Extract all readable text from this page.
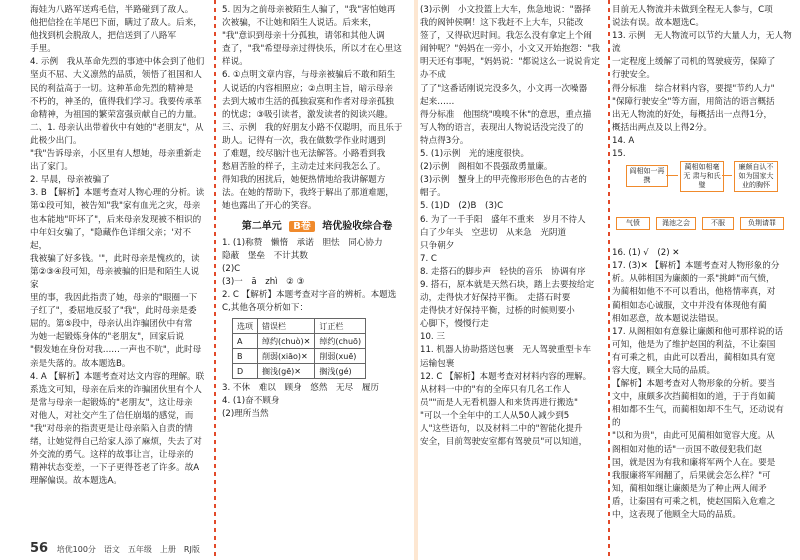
海娃为八路军送鸡毛信，半路碰到了敌人。

他把信拴在羊尾巴下面，瞒过了敌人。后来，

他找到机会脱敌人，把信送到了八路军

手里。

4. 示例　我从革命先烈的事迹中体会到了他们

坚贞不屈、大义凛然的品质，领悟了祖国和人

民的利益高于一切。这种革命先烈的精神是

不朽的，神圣的，值得我们学习。我要传承革

命精神，为祖国的繁荣富强贡献自己的力量。

二、1. 母亲认出带着伙中有她的"老朋友"，从

此极少出门。

"我"告诉母亲，小区里有人想她，母亲重新走

出了家门。

2. 早晨，母亲被骗了

3. B 【解析】本题考查对人物心理的分析。读

第①段可知，被告知"我"家有血光之灾，母亲

也本能地"吓坏了"，后来母亲发现被不相识的

中年妇女骗了，"隐藏作色详细父亲；'对不起，

我被骗了好多钱。'"，此时母亲是愧疚的，读

第②③④段可知，母亲被骗的旧是和陌生人说家

里的事，我因此指责了她，母亲的"眼圈一下

子红了"，委屈地反驳了"我"，此时母亲是委

屈的。第⑤段中，母亲认出诈骗团伙中有常

为她一起锻炼身体的"老朋友"，回家后说

"假发她在身份对我……一声也不吭"，此时母

亲是失落的。故本题选B。

4. A 【解析】本题考查对达文内容的理解。联

系选文可知，母亲在后来的诈骗团伙里有个人

是常与母亲一起锻炼的"老朋友"，这让母亲

对他人，对社交产生了信任崩塌的感觉，而

"我"对母亲的指责更是让母亲陷入自责的情

绪，让她觉得自己给家人添了麻烦，失去了对

外交流的勇气。这样的故事让言，让母亲的

精神状态变差，一下子更得苍老了许多。故A

理解偏误。故本题选A。

5. 因为之前母亲被陌生人骗了，"我"害怕她再

次被骗，不让她和陌生人说话。后来来，

"我"意识到母亲十分孤独，请邻和其他人调

查了，"我"希望母亲过得快乐，所以才在心里这

样说。

6. ①点明文章内容，与母亲被骗后不敢和陌生

人说话的内容相照应；②点明主旨，暗示母亲

去到大城市生活的孤独寂寞和作者对母亲孤独

的忧虑；③吸引读者，激发读者的阅读兴趣。

三、示例　我的好朋友小路不仅聪明，而且乐于

助人。记得有一次，我在做数学作业时遇到

了难题，绞尽脑汁也无法解答。小路看到我

愁眉苦脸的样子，主动走过来问我怎么了。

得知我的困扰后，她便热情地给我讲解题方

法。在她的帮助下，我终于解出了那道难题，

她也露出了开心的笑容。

第二单元 B卷 培优验收综合卷

1. (1)称赞　懒惰　承诺　胆怯　同心协力

隐蔽　堡垒　不计其数

(2)C

(3)一　ā　zhì　② ③

2. C 【解析】本题考查对字音的辨析。本题选

C,其他各项分析如下：

选项	错误栏	订正栏
A	绰约(chuò)✕	绰约(chuō)
B	削弱(xiāo)✕	削弱(xuē)
D	搁浅(gē)✕	搁浅(gé)

3. 不休　难以　顾身　悠然　无尽　履历

4. (1)奋不顾身

(2)理所当然

(3)示例　小文投篮上大车，焦急地说："器择

我的阀钟侯啊！这下我赶不上大车，只能改

签了，又得砍迟时间。我怎么没有拿定上个闹

闹钟呢？"妈妈在一旁小，小文又开始抱怨："我

明天还有事呢，"妈妈说："都说这么一说说肯定办不成

了了"这番话刚说完没多久，小文再一次噪器

起来……

得分标准　他围绕"嗅嗅不休"的意思，重点描

写人物的语言，表现出人物说话没完没了的

特点得3分。

5. (1)示例　光的速度很快。

(2)示例　阁相如不畏强敌勇量廉。

(3)示例　蟹身上的甲壳像形形色色的古老的

帽子。

5. (1)D　(2)B　(3)C

6. 为了一千手阳　盛年不重来　岁月不待人

白了少年头　空悲切　从来急　光阴道

只争朝夕

7. C

8. 走搭石的脚步声　轻快的音乐　协调有序

9. 搭石，原本就是天然石块，踏上去要按给定

动，走得快才好保持平衡。　走搭石时要

走得快才好保持平衡，过桥的时候则要小

心脚下，慢慢行走

10. 三

11. 机器人协助搭送包裹　无人驾驶重型卡车

运输包裹

12. C 【解析】本题考查对材料内容的理解。

从材料一中的"有的全库只有几名工作人

员""而是人无看机器人和来货再进行搬选"

"可以一个全年中的工人从50人减少到5

人"这些语句，以及材料二中的"智能化提升

安全，目前驾驶安室都有驾驶员"可以知道，

目前无人物流并未做到全程无人参与，C项

说法有误。故本题选C。

13. 示例　无人物流可以节约大量人力，无人物流

一定程度上缓解了司机的驾驶疲劳，保障了

行驶安全。

得分标准　综合材料内容，要提"节约人力"

"保障行驶安全"等方面，用简洁的语言概括

出无人物流的好处，每概括出一点得1分，

概括出两点及以上得2分。

14. A

15.

阎相如一再携
蔺相如相毫无 肃与和氏璧
廉颇自认不 如为国家大 业的胸怀
气愤	渑池之会	不服	负荆请罪

16. (1) √　(2) ✕

17. (3)✕ 【解析】本题考查对人物形象的分

析。从韩相国为廉颇的一系"挑衅"而气愤，

为蔺相如他不不可以看出，他格情率真，对

蔺相如态心诚服，文中并没有体现他有蔺

相如恶意，故本题说法错误。

17. 从阁相如有意躲让廉颇和他可那样说的话

可知，他是为了维护赵国的利益，不让秦国

有可乘之机，由此可以看出，蔺相如具有宽

容大度，顾全大局的品质。

【解析】本题考查对人物形象的分析。要当

文中，康颇多次挡蔺相如的道，于于肖如蔺

相如都不生气，而蔺相如却不生气，还动说有的

"以和为贵"，由此可见蔺相如宽容大度。从

阁相如对他的话"一贡国不敢侵犯我们赵

国，就是因为有我和廉将军两个人在。要是

我服廉将军闹翻了，后果就会怎么样？"可

知，蔺相如继让廉颇是为了种止两人闹矛

盾，让秦国有可乘之机，使赵国陷入危难之

中，这表现了他顾全大局的品质。

56 培优100分　语文　五年级　上册　RJ版
